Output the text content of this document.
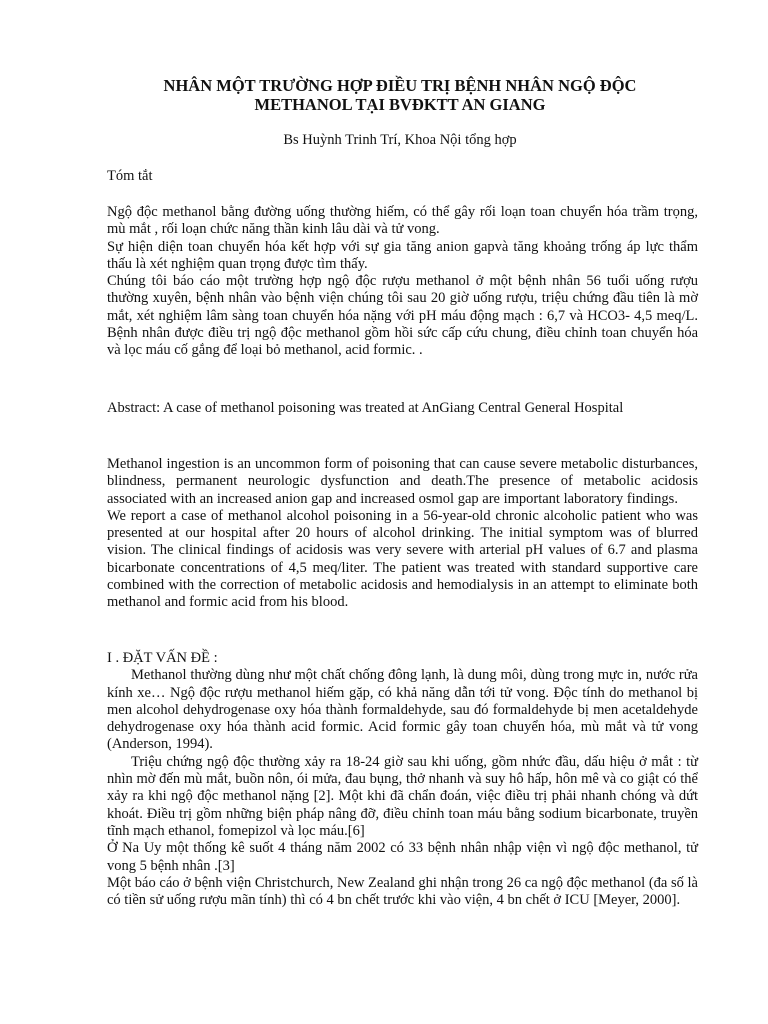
NHÂN MỘT TRƯỜNG HỢP ĐIỀU TRỊ BỆNH NHÂN NGỘ ĐỘC
METHANOL TẠI BVĐKTT AN GIANG
Bs Huỳnh Trinh Trí, Khoa Nội tổng hợp

Tóm tắt

Ngộ độc methanol bằng đường uống thường hiếm, có thể gây rối loạn toan chuyển hóa trầm trọng, mù mắt , rối loạn chức năng thần kinh lâu dài và tử vong.

Sự hiện diện toan chuyển hóa kết hợp với sự gia tăng anion gapvà tăng khoảng trống áp lực thẩm thấu là xét nghiệm quan trọng được tìm thấy.

Chúng tôi báo cáo một trường hợp ngộ độc rượu methanol ở một bệnh nhân 56 tuổi uống rượu thường xuyên, bệnh nhân vào bệnh viện chúng tôi sau 20 giờ uống rượu, triệu chứng đầu tiên là mờ mắt, xét nghiệm lâm sàng toan chuyển hóa nặng với pH máu động mạch : 6,7 và HCO3- 4,5 meq/L. Bệnh nhân được điều trị ngộ độc methanol gồm hồi sức cấp cứu chung, điều chỉnh toan chuyển hóa và lọc máu cố gắng để loại bỏ methanol, acid formic. .

Abstract: A case of methanol poisoning was treated at AnGiang Central General Hospital

Methanol ingestion is an uncommon form of poisoning that can cause severe metabolic disturbances, blindness, permanent neurologic dysfunction and death.The presence of metabolic acidosis associated with an increased anion gap and increased osmol gap are important laboratory findings.

We report a case of methanol alcohol poisoning in a 56-year-old chronic alcoholic patient who was presented at our hospital after 20 hours of alcohol drinking. The initial symptom was of blurred vision. The clinical findings of acidosis was very severe with arterial pH values of 6.7 and plasma bicarbonate concentrations of 4,5 meq/liter. The patient was treated with standard supportive care combined with the correction of metabolic acidosis and hemodialysis in an attempt to eliminate both methanol and formic acid from his blood.

I . ĐẶT VẤN ĐỀ :

Methanol thường dùng như một chất chống đông lạnh, là dung môi, dùng trong mực in, nước rửa kính xe… Ngộ độc rượu methanol hiếm gặp, có khả năng dẫn tới tử vong. Độc tính do methanol bị men alcohol dehydrogenase oxy hóa thành formaldehyde, sau đó formaldehyde bị men acetaldehyde dehydrogenase oxy hóa thành acid formic. Acid formic gây toan chuyển hóa, mù mắt và tử vong (Anderson, 1994).

Triệu chứng ngộ độc thường xảy ra 18-24 giờ sau khi uống, gồm nhức đầu, dấu hiệu ở mắt : từ nhìn mờ đến mù mắt, buồn nôn, ói mửa, đau bụng, thở nhanh và suy hô hấp, hôn mê và co giật có thể xảy ra khi ngộ độc methanol nặng [2]. Một khi đã chẩn đoán, việc điều trị phải nhanh chóng và dứt khoát. Điều trị gồm những biện pháp nâng đỡ, điều chỉnh toan máu bằng sodium bicarbonate, truyền tĩnh mạch ethanol, fomepizol và lọc máu.[6]

Ở Na Uy một thống kê suốt 4 tháng năm 2002 có 33 bệnh nhân nhập viện vì ngộ độc methanol, tử vong 5 bệnh nhân .[3]

Một báo cáo ở bệnh viện Christchurch, New Zealand ghi nhận trong 26 ca ngộ độc methanol (đa số là có tiền sử uống rượu mãn tính) thì có 4 bn chết trước khi vào viện, 4 bn chết ở ICU [Meyer, 2000].
